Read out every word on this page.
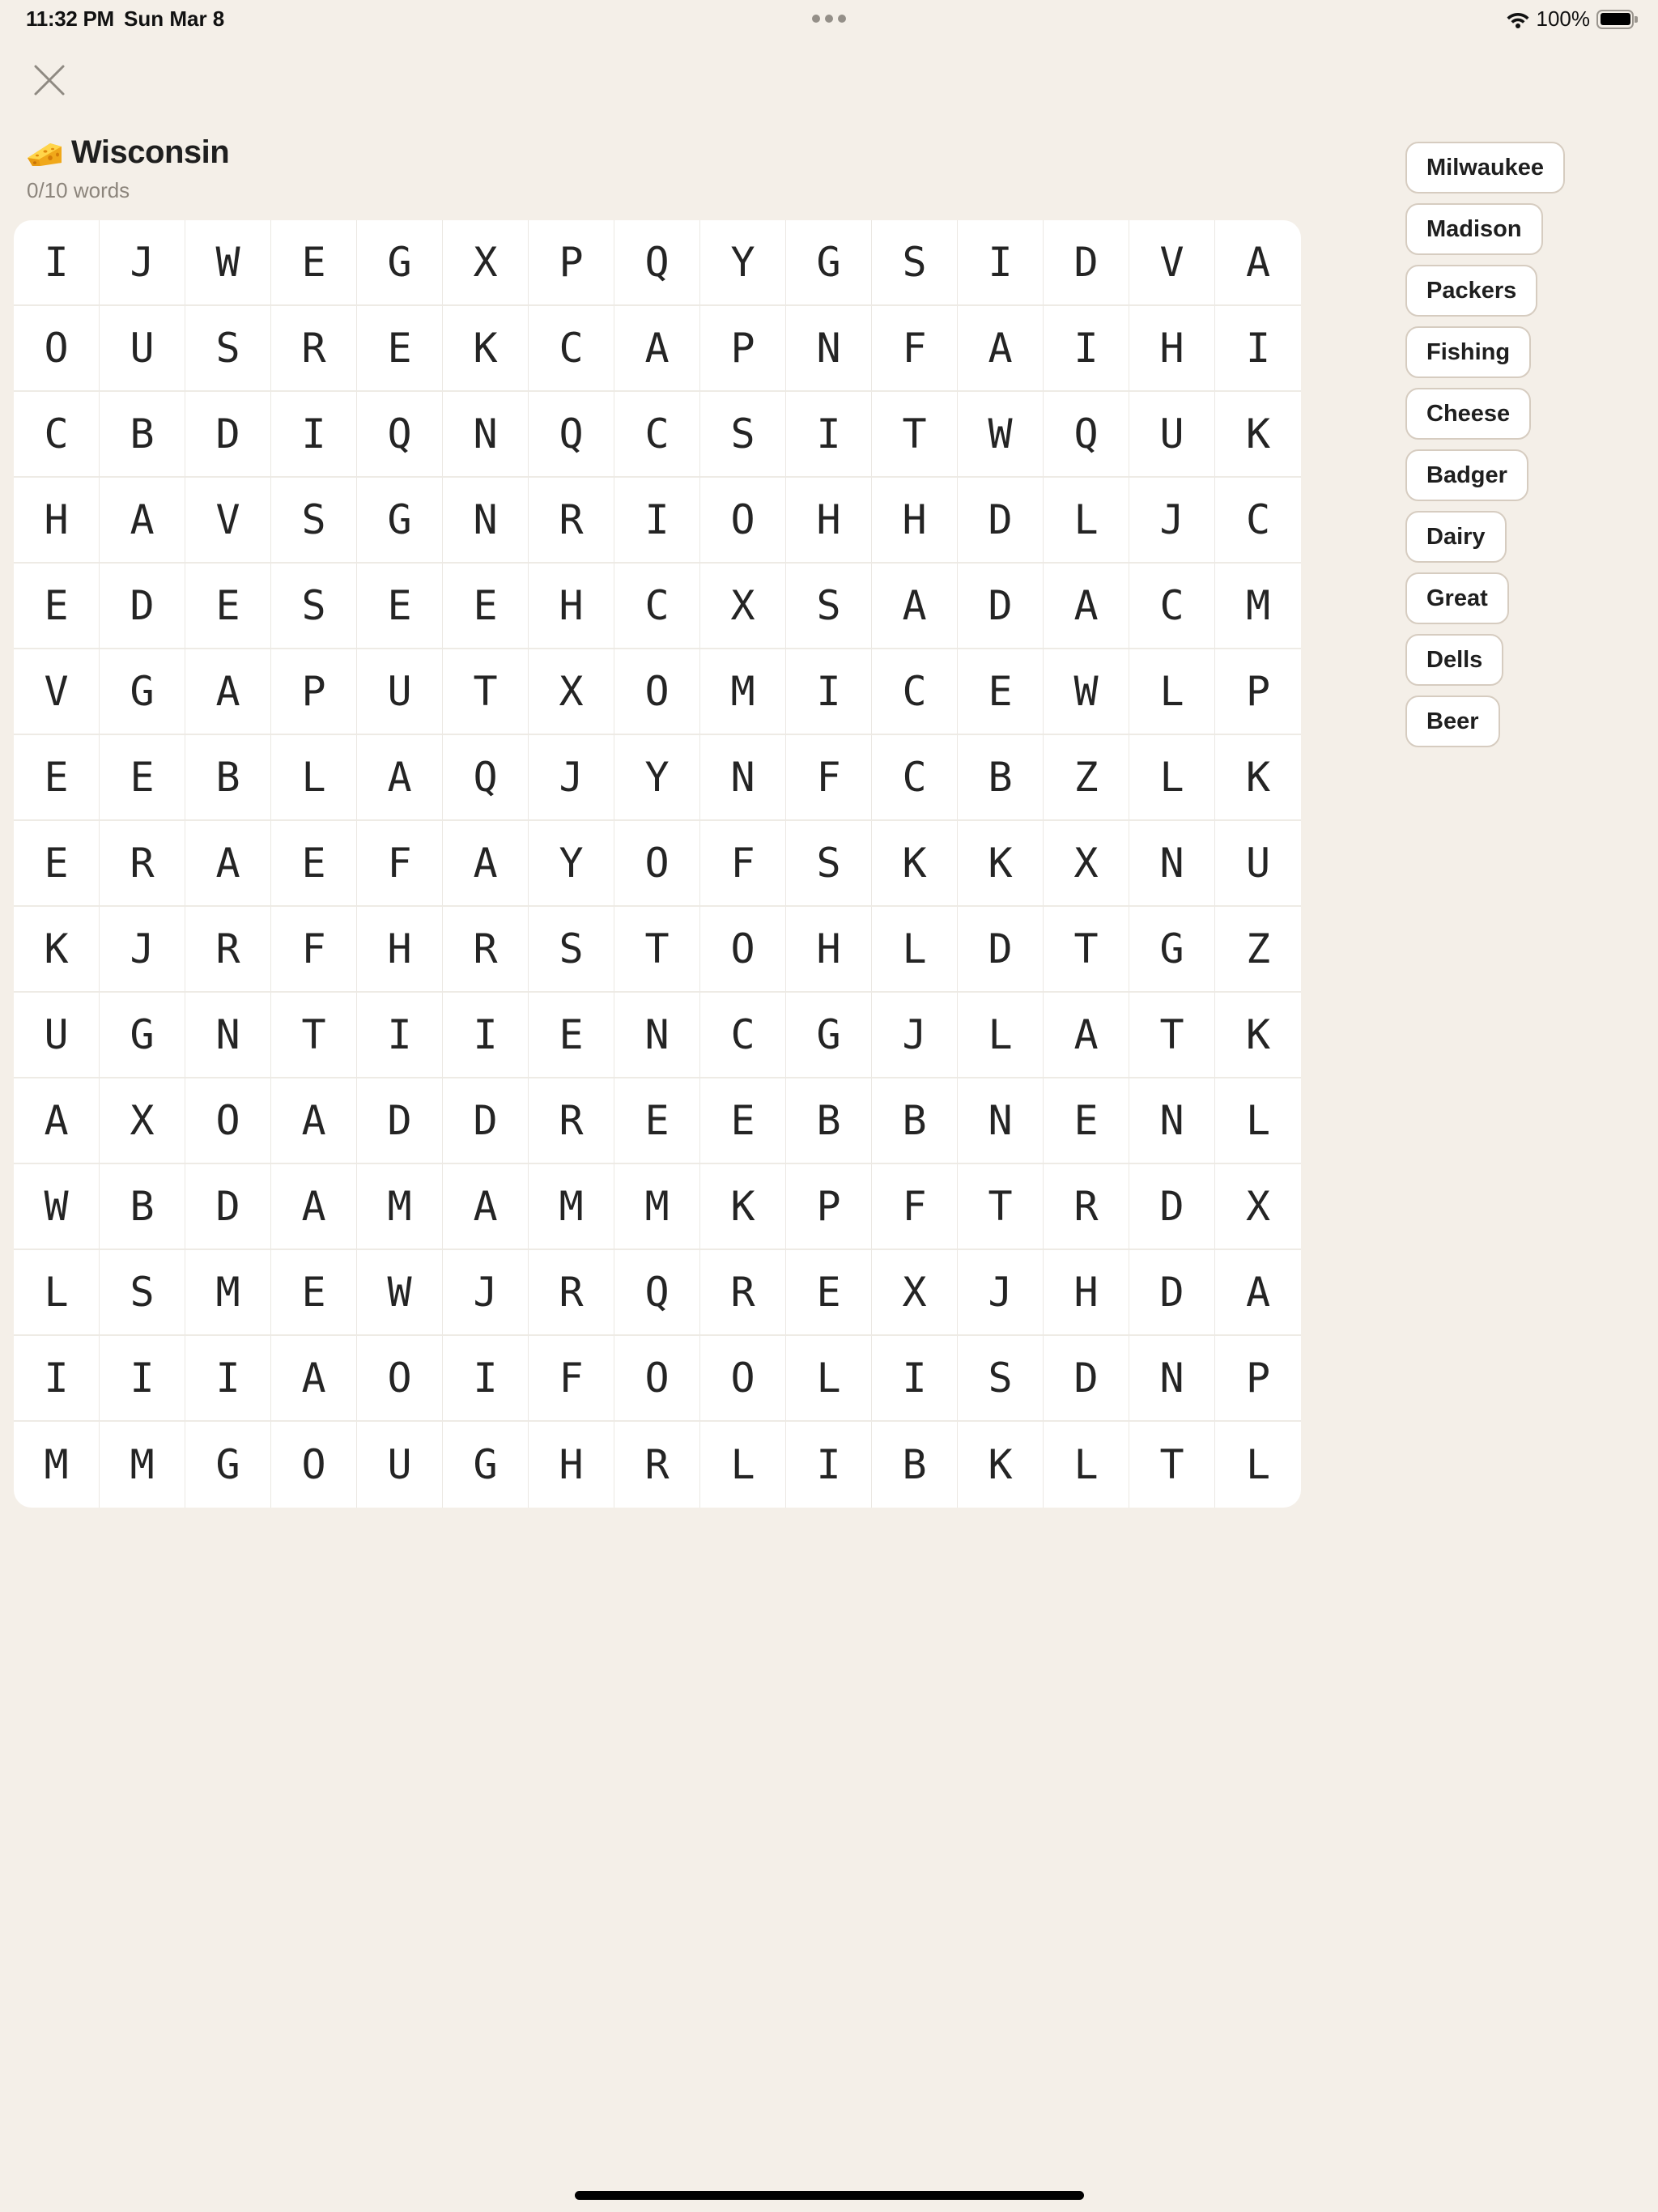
11:32 PM Sun Mar 8	100%
Wisconsin
0/10 words
I	J	W	E	G	X	P	Q	Y	G	S	I	D	V	A
O	U	S	R	E	K	C	A	P	N	F	A	I	H	I
C	B	D	I	Q	N	Q	C	S	I	T	W	Q	U	K
H	A	V	S	G	N	R	I	O	H	H	D	L	J	C
E	D	E	S	E	E	H	C	X	S	A	D	A	C	M
V	G	A	P	U	T	X	O	M	I	C	E	W	L	P
E	E	B	L	A	Q	J	Y	N	F	C	B	Z	L	K
E	R	A	E	F	A	Y	O	F	S	K	K	X	N	U
K	J	R	F	H	R	S	T	O	H	L	D	T	G	Z
U	G	N	T	I	I	E	N	C	G	J	L	A	T	K
A	X	O	A	D	D	R	E	E	B	B	N	E	N	L
W	B	D	A	M	A	M	M	K	P	F	T	R	D	X
L	S	M	E	W	J	R	Q	R	E	X	J	H	D	A
I	I	I	A	O	I	F	O	O	L	I	S	D	N	P
M	M	G	O	U	G	H	R	L	I	B	K	L	T	L
Milwaukee
Madison
Packers
Fishing
Cheese
Badger
Dairy
Great
Dells
Beer
